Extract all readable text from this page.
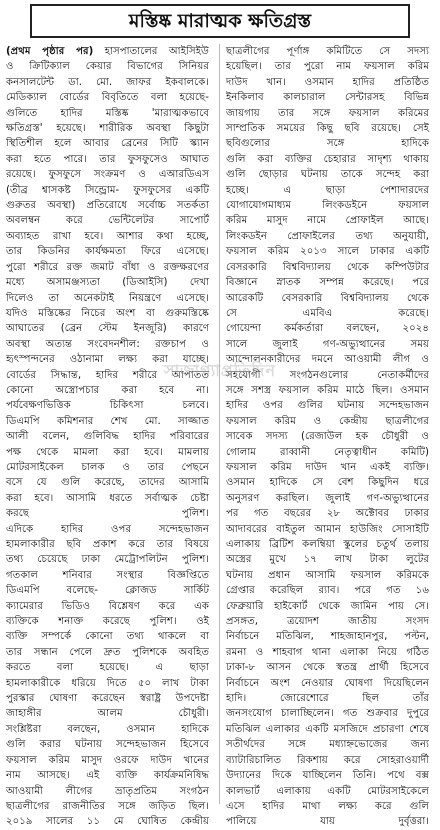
মস্তিষ্ক মারাত্মক ক্ষতিগ্রস্ত
(প্রথম পৃষ্ঠার পর) হাসপাতালের আইসিইউ
ও ক্রিটিক্যাল কেয়ার বিভাগের সিনিয়র
কনসালটেন্ট ডা. মো. জাফর ইকবালকে।
মেডিক্যাল বোর্ডের বিবৃতিতে বলা হয়েছে-
গুলিতে হাদির মস্তিষ্ক 'মারাত্মকভাবে
ক্ষতিগ্রস্ত' হয়েছে। শারীরিক অবস্থা কিছুটা
স্থিতিশীল হলে আবার ব্রেনের সিটি স্ক্যান
করা হতে পারে। তার ফুসফুসেও আঘাত
রয়েছে। ফুসফুসে সংক্রমণ ও এআরডিএস
(তীব্র শ্বাসকষ্ট সিন্ড্রোম- ফুসফুসের একটি
গুরুতর অবস্থা) প্রতিরোধে সর্বোচ্চ সতর্কতা
অবলম্বন করে ভেন্টিলেটর সাপোর্ট
অব্যাহত রাখা হবে। আশার কথা হচ্ছে,
তার কিডনির কার্যক্ষমতা ফিরে এসেছে।
পুরো শরীরে রক্ত জমাট বাঁধা ও রক্তক্ষরণের
মধ্যে অসামঞ্জস্যতা (ডিআইসি) দেখা
দিলেও তা অনেকটাই নিয়ন্ত্রণে এসেছে।
যদিও মস্তিষ্কের নিচের অংশ বা গুরুমস্তিষ্কে
আঘাতের (ব্রেন স্টেম ইনজুরি) কারণে
অবস্থা অত্যন্ত সংবেদনশীল: রক্তচাপ ও
হৃৎস্পন্দনের ওঠানামা লক্ষ্য করা যাচ্ছে।
বোর্ডের সিদ্ধান্ত, হাদির শরীরে আপাতত
কোনো অস্ত্রোপচার করা হবে না।
পর্যবেক্ষণভিত্তিক চিকিৎসা চলবে।
ডিএমপি কমিশনার শেখ মো. সাজ্জাত
আলী বলেন, গুলিবিদ্ধ হাদির পরিবারের
পক্ষ থেকে মামলা করা হবে। মামলায়
মোটরসাইকেল চালক ও তার পেছনে
বসে যে গুলি করেছে, তাদের আসামি
করা হবে। আসামি ধরতে সর্বাত্মক চেষ্টা
করছে পুলিশ।
এদিকে হাদির ওপর সন্দেহভাজন
হামলাকারীর ছবি প্রকাশ করে তার বিষয়ে
তথ্য চেয়েছে ঢাকা মেট্রোপলিটন পুলিশ।
গতকাল শনিবার সংস্থার বিজ্ঞপ্তিতে
ডিএমপি বলেছে- ক্লোজড সার্কিট
ক্যামেরার ভিডিও বিশ্লেষণ করে এক
ব্যক্তিকে শনাক্ত করেছে পুলিশ। ওই
ব্যক্তি সম্পর্কে কোনো তথ্য থাকলে বা
তার সন্ধান পেলে দ্রুত পুলিশকে অবহিত
করতে বলা হয়েছে। এ ছাড়া
হামলাকারীকে ধরিয়ে দিতে ৫০ লাখ টাকা
পুরস্কার ঘোষণা করেছেন স্বরাষ্ট্র উপদেষ্টা
জাহাঙ্গীর আলম চৌধুরী।
সংশ্লিষ্টরা বলছেন, ওসমান হাদিকে
গুলি করার ঘটনায় সন্দেহভাজন হিসেবে
ফয়সাল করিম মাসুদ ওরফে দাউদ খানের
নাম আসছে। এই ব্যক্তি কার্যক্রমনিষিদ্ধ
আওয়ামী লীগের ভ্রাতৃপ্রতিম সংগঠন
ছাত্রলীগের রাজনীতির সঙ্গে জড়িত ছিল।
২০১৯ সালের ১১ মে ঘোষিত কেন্দ্রীয়
ছাত্রলীগের পূর্ণাঙ্গ কমিটিতে সে সদস্য
হয়েছিল। তার পুরো নাম ফয়সাল করিম
দাউদ খান। ওসমান হাদির প্রতিষ্ঠিত
ইনকিলাব কালচারাল সেন্টারসহ বিভিন্ন
জায়গায় তার সঙ্গে ফয়সাল করিমের
সাম্প্রতিক সময়ের কিছু ছবি রয়েছে। সেই
ছবিগুলোর সঙ্গে হাদিকে
গুলি করা ব্যক্তির চেহারার সাদৃশ্য থাকায়
গুলি ছোড়ার ঘটনায় তাকে সন্দেহ করা
হচ্ছে। এ ছাড়া পেশাদারদের
যোগাযোগমাধ্যম লিংকডইনে ফয়সাল
করিম মাসুদ নামে প্রোফাইল আছে।
লিংকডইন প্রোফাইলের তথ্য অনুযায়ী,
ফয়সাল করিম ২০১৩ সালে ঢাকার একটি
বেসরকারি বিশ্ববিদ্যালয় থেকে কম্পিউটার
বিজ্ঞানে স্নাতক সম্পন্ন করেছে। পরে
আরেকটি বেসরকারি বিশ্ববিদ্যালয় থেকে
সে এমবিএ করেছে।
গোয়েন্দা কর্মকর্তারা বলছেন, ২০২৪
সালে জুলাই গণ-অভ্যুত্থানের সময়
আন্দোলনকারীদের দমনে আওয়ামী লীগ ও
সহযোগী সংগঠনগুলোর নেতাকর্মীদের
সঙ্গে সশস্ত্র ফয়সাল করিম মাঠে ছিল। ওসমান
হাদির ওপর গুলির ঘটনায় সন্দেহভাজন
ফয়সাল করিম ও কেন্দ্রীয় ছাত্রলীগের
সাবেক সদস্য (রেজাউল হক চৌধুরী ও
গোলাম রাব্বানী নেতৃত্বাধীন কমিটি)
ফয়সাল করিম দাউদ খান একই ব্যক্তি।
ওসমান হাদিকে সে বেশ কিছুদিন ধরে
অনুসরণ করছিল। জুলাই গণ-অভ্যুত্থানের
পর গত বছরের ২৮ অক্টোবর ঢাকার
আদাবরের বাইতুল আমান হাউজিং সোসাইটি
এলাকায় ব্রিটিশ কলম্বিয়া স্কুলের চতুর্থ তলায়
অস্ত্রের মুখে ১৭ লাখ টাকা লুটের
ঘটনায় প্রধান আসামি ফয়সাল করিমকে
গ্রেপ্তার করেছিল র‍্যাব। পরে গত ১৬
ফেব্রুয়ারি হাইকোর্ট থেকে জামিন পায় সে।
প্রসঙ্গত, ত্রয়োদশ জাতীয় সংসদ
নির্বাচনে মতিঝিল, শাহজাহানপুর, পল্টন,
রমনা ও শাহবাগ থানা এলাকা নিয়ে গঠিত
ঢাকা-৮ আসন থেকে স্বতন্ত্র প্রার্থী হিসেবে
নির্বাচনে অংশ নেওয়ার ঘোষণা দিয়েছিলেন
হাদি। জোরেশোরে ছিল তাঁর
জনসংযোগ চালাচ্ছিলেন। গত শুক্রবার দুপুরে
মতিঝিল এলাকার একটি মসজিদে প্রচারণা শেষে
সতীর্থদের সঙ্গে মধ্যাহ্নভোজের জন্য
ব্যাটারিচালিত রিকশায় করে সোহরাওয়ার্দী
উদ্যানের দিকে যাচ্ছিলেন তিনি। পথে বক্স
কালভার্ট এলাকায় একটি মোটরসাইকেলে
এসে হাদির মাথা লক্ষ্য করে গুলি
পালিয়ে যায় দুর্বৃত্তরা।
সাজাগ্যাপ্রতিদিন
